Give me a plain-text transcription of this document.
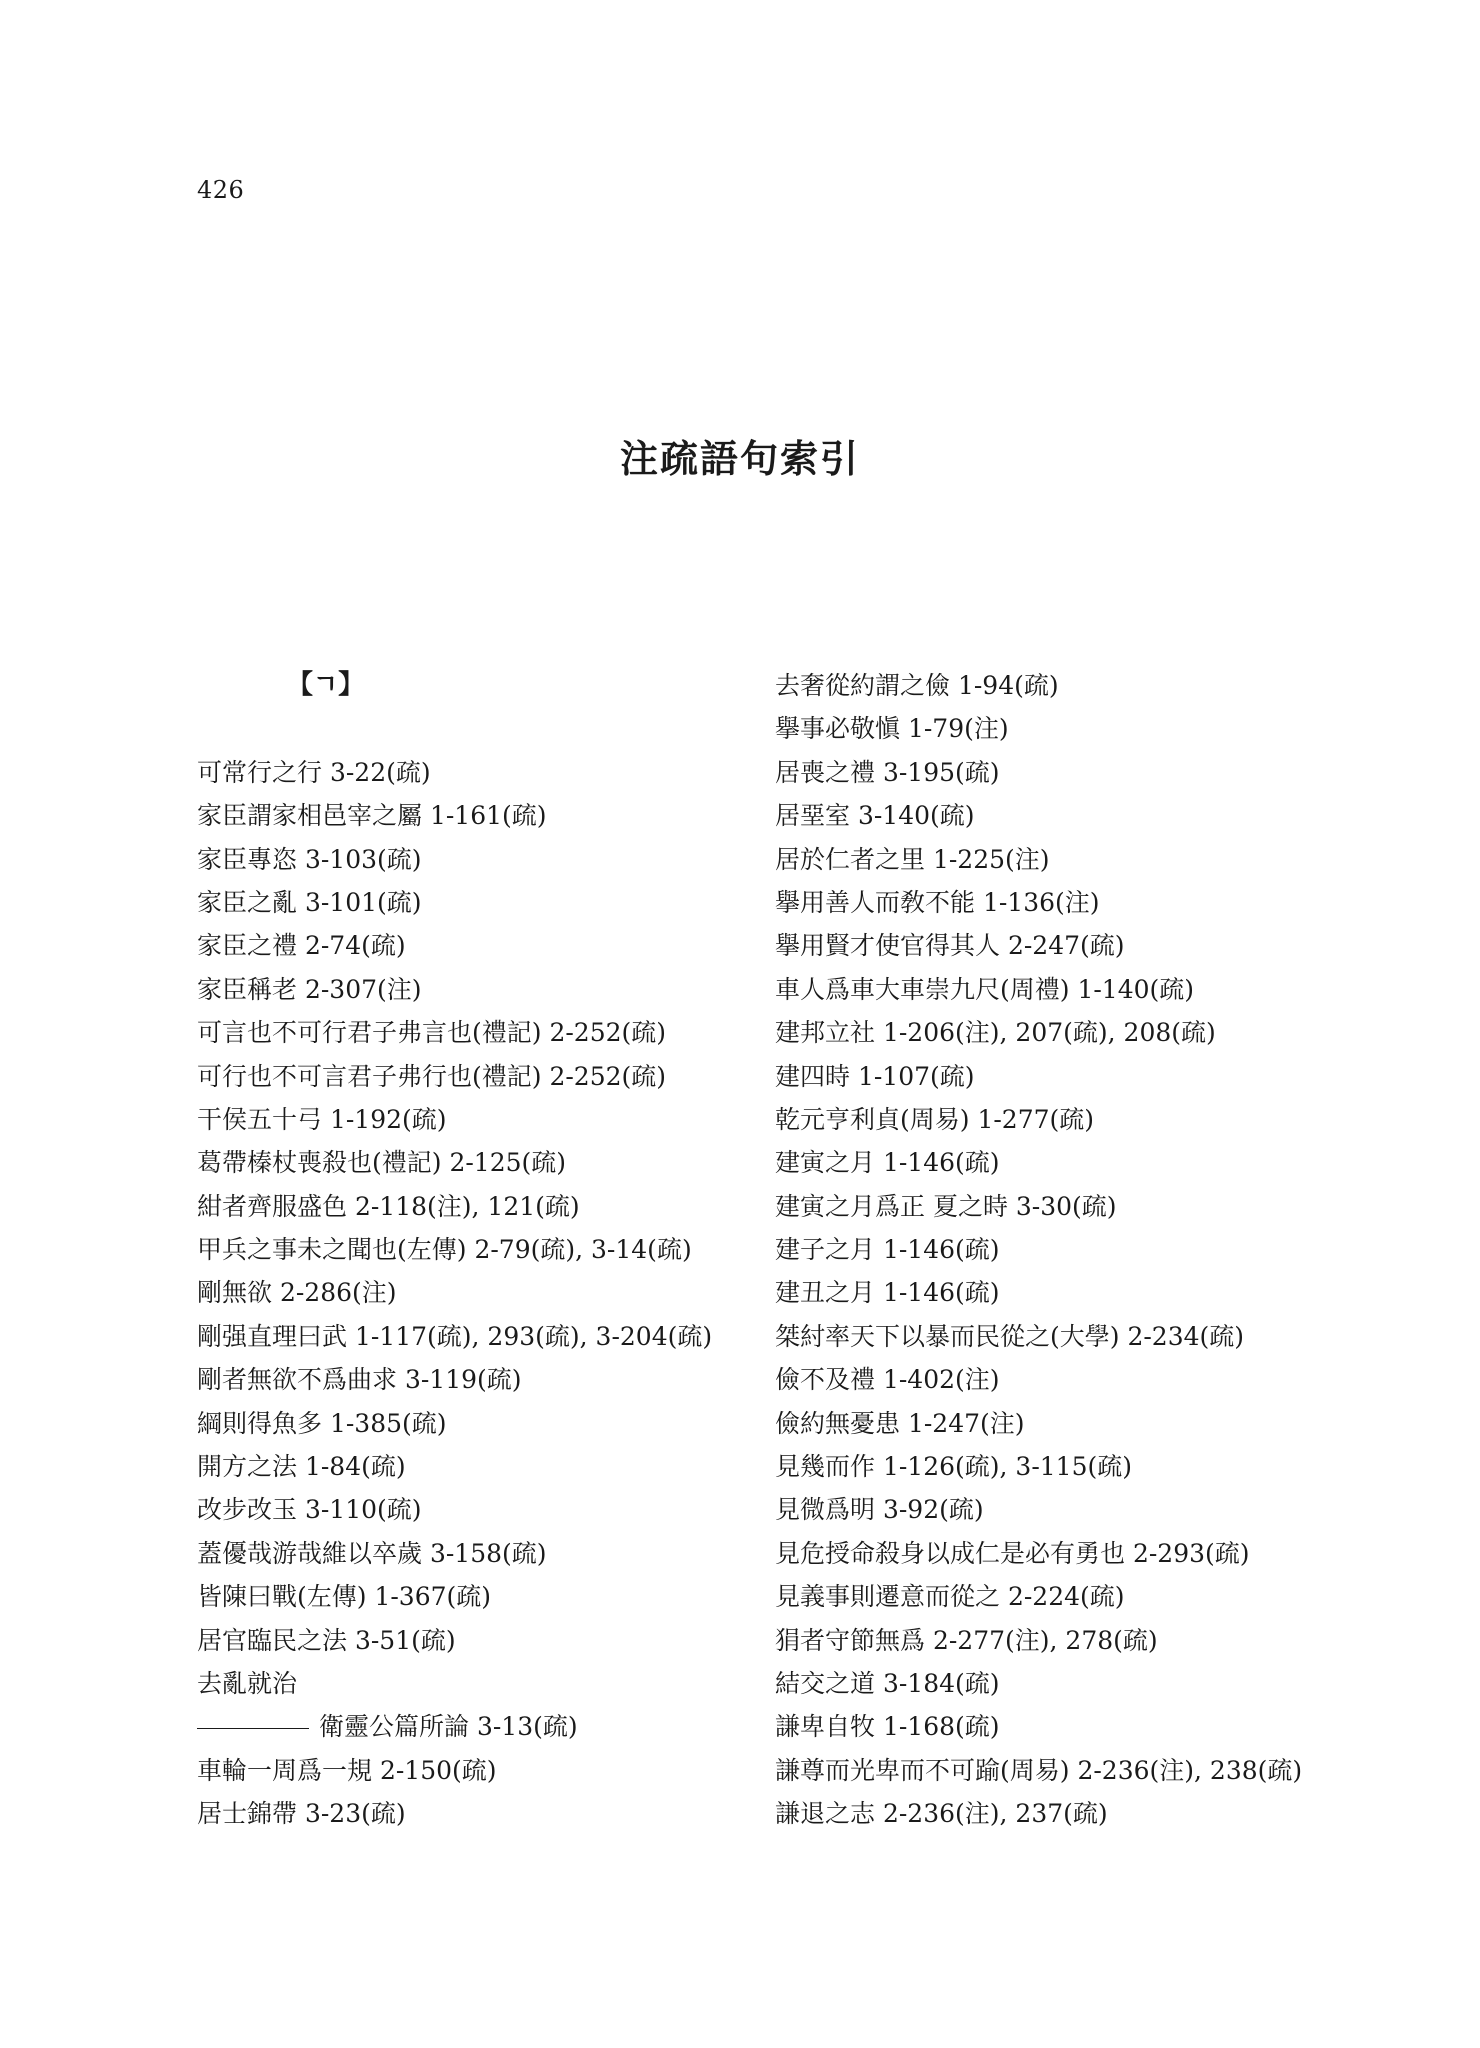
426
注疏語句索引
【ㄱ】
可常行之行 3-22(疏)
家臣謂家相邑宰之屬 1-161(疏)
家臣專恣 3-103(疏)
家臣之亂 3-101(疏)
家臣之禮 2-74(疏)
家臣稱老 2-307(注)
可言也不可行君子弗言也(禮記) 2-252(疏)
可行也不可言君子弗行也(禮記) 2-252(疏)
干侯五十弓 1-192(疏)
葛帶榛杖喪殺也(禮記) 2-125(疏)
紺者齊服盛色 2-118(注), 121(疏)
甲兵之事未之聞也(左傳) 2-79(疏), 3-14(疏)
剛無欲 2-286(注)
剛强直理曰武 1-117(疏), 293(疏), 3-204(疏)
剛者無欲不爲曲求 3-119(疏)
綱則得魚多 1-385(疏)
開方之法 1-84(疏)
改步改玉 3-110(疏)
蓋優哉游哉維以卒歲 3-158(疏)
皆陳曰戰(左傳) 1-367(疏)
居官臨民之法 3-51(疏)
去亂就治
衛靈公篇所論 3-13(疏)
車輪一周爲一規 2-150(疏)
居士錦帶 3-23(疏)
去奢從約謂之儉 1-94(疏)
擧事必敬愼 1-79(注)
居喪之禮 3-195(疏)
居堊室 3-140(疏)
居於仁者之里 1-225(注)
擧用善人而敎不能 1-136(注)
擧用賢才使官得其人 2-247(疏)
車人爲車大車崇九尺(周禮) 1-140(疏)
建邦立社 1-206(注), 207(疏), 208(疏)
建四時 1-107(疏)
乾元亨利貞(周易) 1-277(疏)
建寅之月 1-146(疏)
建寅之月爲正 夏之時 3-30(疏)
建子之月 1-146(疏)
建丑之月 1-146(疏)
桀紂率天下以暴而民從之(大學) 2-234(疏)
儉不及禮 1-402(注)
儉約無憂患 1-247(注)
見幾而作 1-126(疏), 3-115(疏)
見微爲明 3-92(疏)
見危授命殺身以成仁是必有勇也 2-293(疏)
見義事則遷意而從之 2-224(疏)
狷者守節無爲 2-277(注), 278(疏)
結交之道 3-184(疏)
謙卑自牧 1-168(疏)
謙尊而光卑而不可踰(周易) 2-236(注), 238(疏)
謙退之志 2-236(注), 237(疏)
